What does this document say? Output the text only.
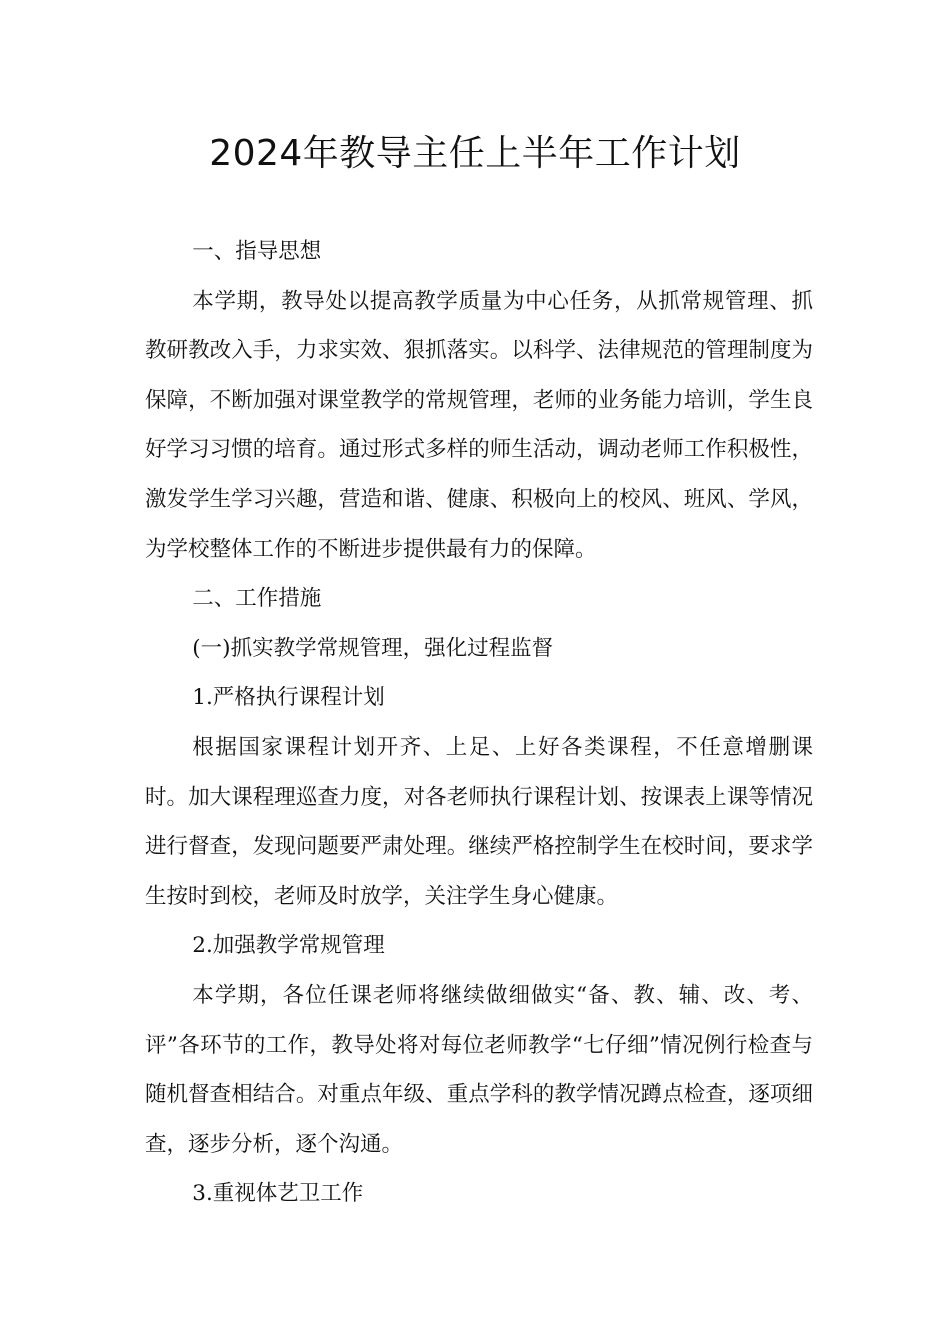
2024年教导主任上半年工作计划

一、指导思想

本学期，教导处以提高教学质量为中心任务，从抓常规管理、抓教研教改入手，力求实效、狠抓落实。以科学、法律规范的管理制度为保障，不断加强对课堂教学的常规管理，老师的业务能力培训，学生良好学习习惯的培育。通过形式多样的师生活动，调动老师工作积极性，激发学生学习兴趣，营造和谐、健康、积极向上的校风、班风、学风，为学校整体工作的不断进步提供最有力的保障。

二、工作措施

(一)抓实教学常规管理，强化过程监督

1.严格执行课程计划

根据国家课程计划开齐、上足、上好各类课程，不任意增删课时。加大课程理巡查力度，对各老师执行课程计划、按课表上课等情况进行督查，发现问题要严肃处理。继续严格控制学生在校时间，要求学生按时到校，老师及时放学，关注学生身心健康。

2.加强教学常规管理

本学期，各位任课老师将继续做细做实“备、教、辅、改、考、评”各环节的工作，教导处将对每位老师教学“七仔细”情况例行检查与随机督查相结合。对重点年级、重点学科的教学情况蹲点检查，逐项细查，逐步分析，逐个沟通。

3.重视体艺卫工作
